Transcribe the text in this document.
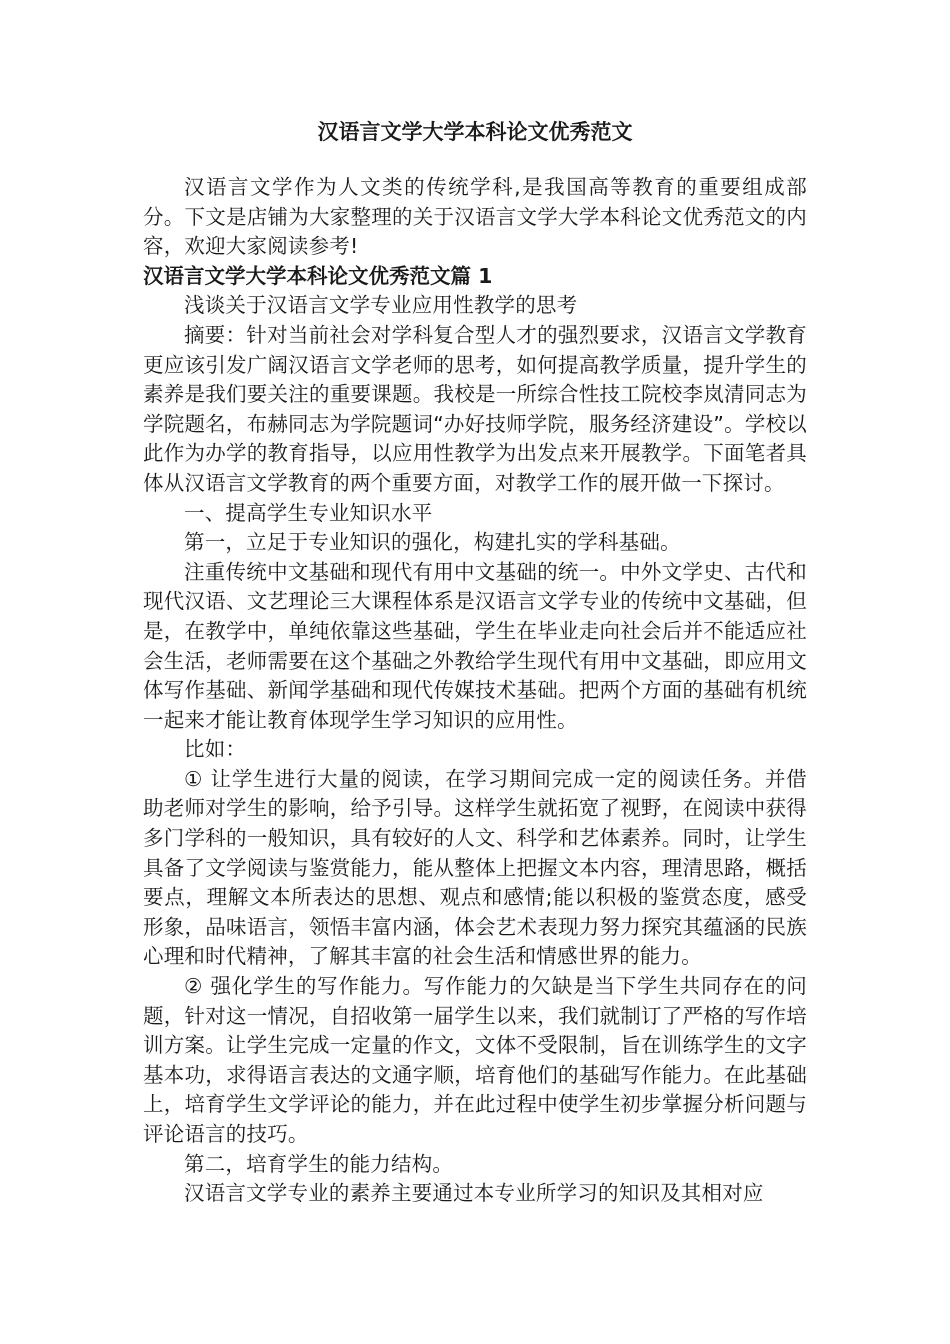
汉语言文学大学本科论文优秀范文

汉语言文学作为人文类的传统学科,是我国高等教育的重要组成部分。下文是店铺为大家整理的关于汉语言文学大学本科论文优秀范文的内容，欢迎大家阅读参考!

汉语言文学大学本科论文优秀范文篇 1

浅谈关于汉语言文学专业应用性教学的思考

摘要：针对当前社会对学科复合型人才的强烈要求，汉语言文学教育更应该引发广阔汉语言文学老师的思考，如何提高教学质量，提升学生的素养是我们要关注的重要课题。我校是一所综合性技工院校李岚清同志为学院题名，布赫同志为学院题词“办好技师学院，服务经济建设”。学校以此作为办学的教育指导，以应用性教学为出发点来开展教学。下面笔者具体从汉语言文学教育的两个重要方面，对教学工作的展开做一下探讨。

一、提高学生专业知识水平

第一，立足于专业知识的强化，构建扎实的学科基础。

注重传统中文基础和现代有用中文基础的统一。中外文学史、古代和现代汉语、文艺理论三大课程体系是汉语言文学专业的传统中文基础，但是，在教学中，单纯依靠这些基础，学生在毕业走向社会后并不能适应社会生活，老师需要在这个基础之外教给学生现代有用中文基础，即应用文体写作基础、新闻学基础和现代传媒技术基础。把两个方面的基础有机统一起来才能让教育体现学生学习知识的应用性。

比如：

① 让学生进行大量的阅读，在学习期间完成一定的阅读任务。并借助老师对学生的影响，给予引导。这样学生就拓宽了视野，在阅读中获得多门学科的一般知识，具有较好的人文、科学和艺体素养。同时，让学生具备了文学阅读与鉴赏能力，能从整体上把握文本内容，理清思路，概括要点，理解文本所表达的思想、观点和感情;能以积极的鉴赏态度，感受形象，品味语言，领悟丰富内涵，体会艺术表现力努力探究其蕴涵的民族心理和时代精神，了解其丰富的社会生活和情感世界的能力。

② 强化学生的写作能力。写作能力的欠缺是当下学生共同存在的问题，针对这一情况，自招收第一届学生以来，我们就制订了严格的写作培训方案。让学生完成一定量的作文，文体不受限制，旨在训练学生的文字基本功，求得语言表达的文通字顺，培育他们的基础写作能力。在此基础上，培育学生文学评论的能力，并在此过程中使学生初步掌握分析问题与评论语言的技巧。

第二，培育学生的能力结构。

汉语言文学专业的素养主要通过本专业所学习的知识及其相对应
